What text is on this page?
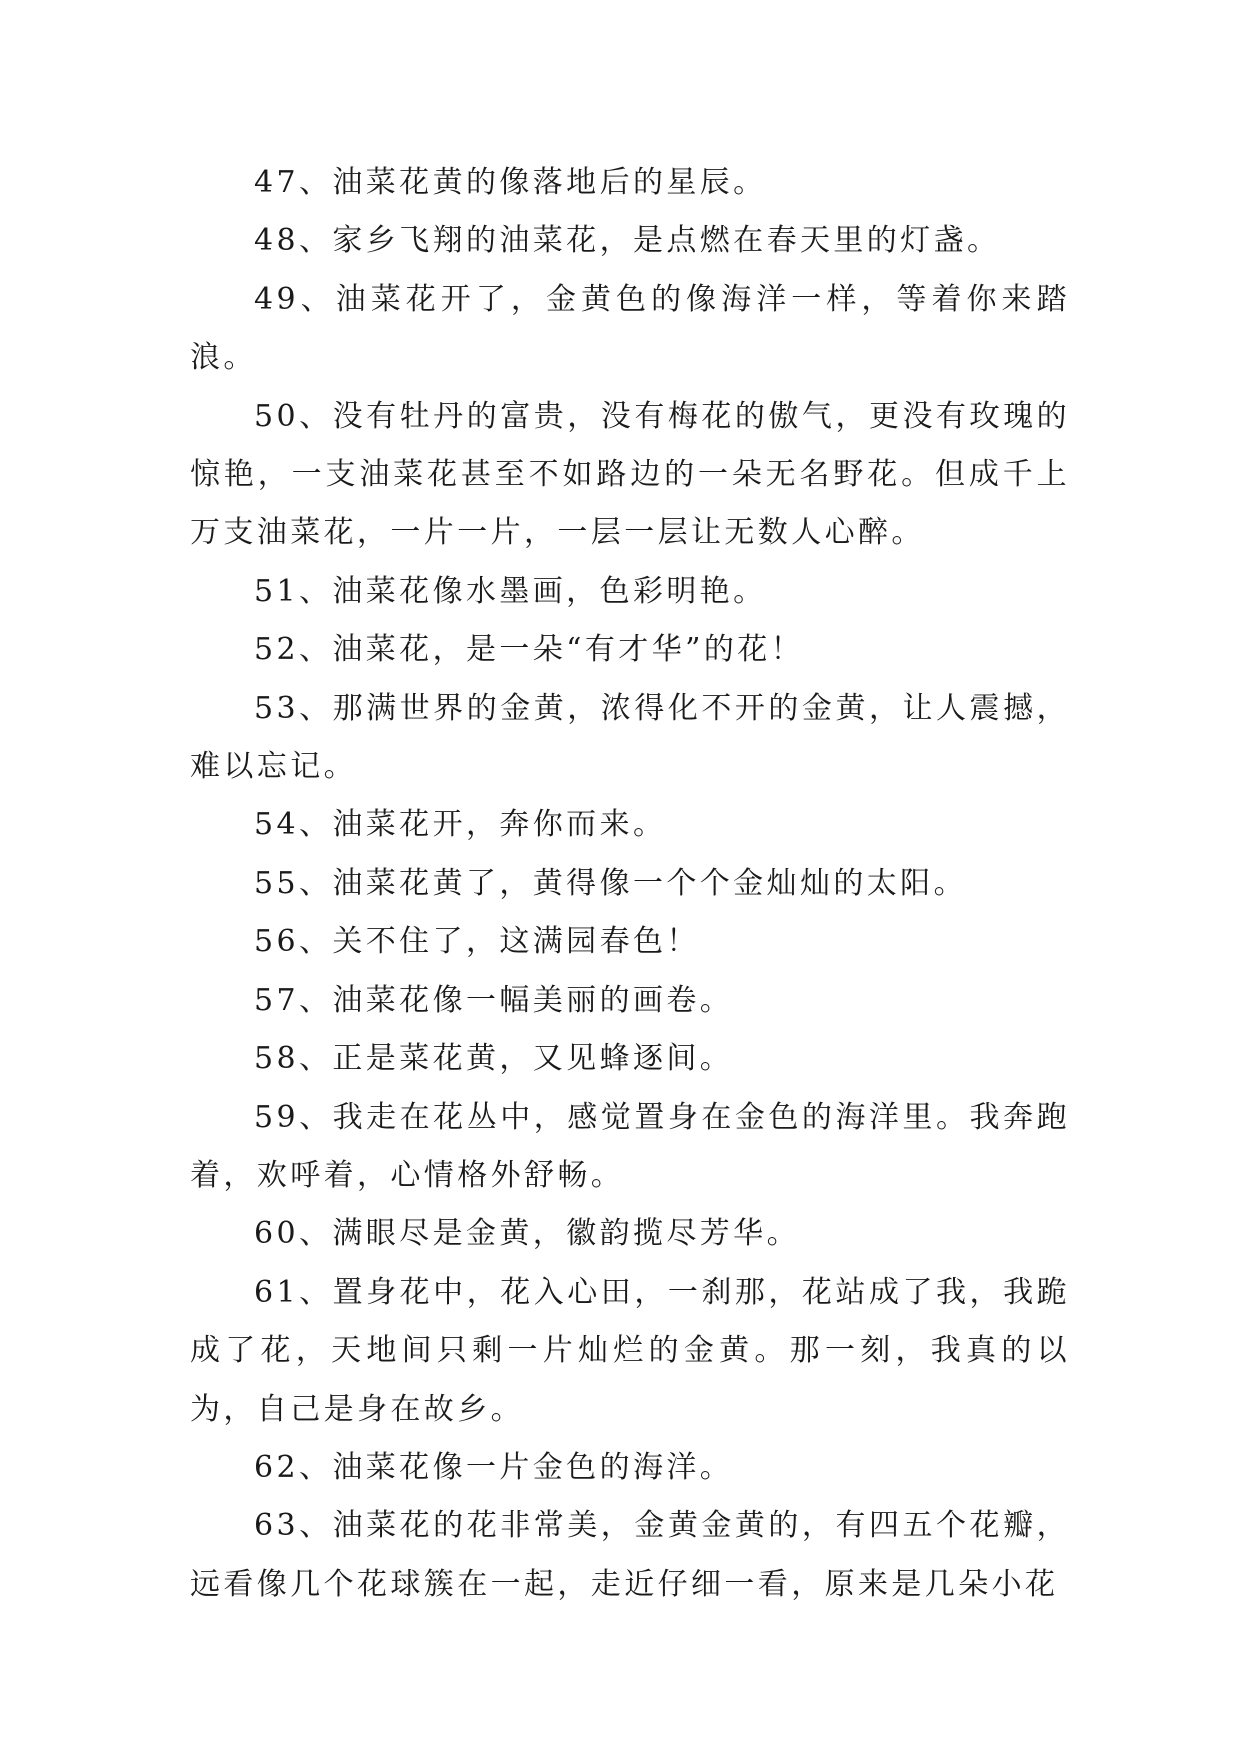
47、油菜花黄的像落地后的星辰。

48、家乡飞翔的油菜花，是点燃在春天里的灯盏。

49、油菜花开了，金黄色的像海洋一样，等着你来踏浪。

50、没有牡丹的富贵，没有梅花的傲气，更没有玫瑰的惊艳，一支油菜花甚至不如路边的一朵无名野花。但成千上万支油菜花，一片一片，一层一层让无数人心醉。

51、油菜花像水墨画，色彩明艳。

52、油菜花，是一朵“有才华”的花！

53、那满世界的金黄，浓得化不开的金黄，让人震撼，难以忘记。

54、油菜花开，奔你而来。

55、油菜花黄了，黄得像一个个金灿灿的太阳。

56、关不住了，这满园春色！

57、油菜花像一幅美丽的画卷。

58、正是菜花黄，又见蜂逐间。

59、我走在花丛中，感觉置身在金色的海洋里。我奔跑着，欢呼着，心情格外舒畅。

60、满眼尽是金黄，徽韵揽尽芳华。

61、置身花中，花入心田，一刹那，花站成了我，我跪成了花，天地间只剩一片灿烂的金黄。那一刻，我真的以为，自己是身在故乡。

62、油菜花像一片金色的海洋。

63、油菜花的花非常美，金黄金黄的，有四五个花瓣，远看像几个花球簇在一起，走近仔细一看，原来是几朵小花
